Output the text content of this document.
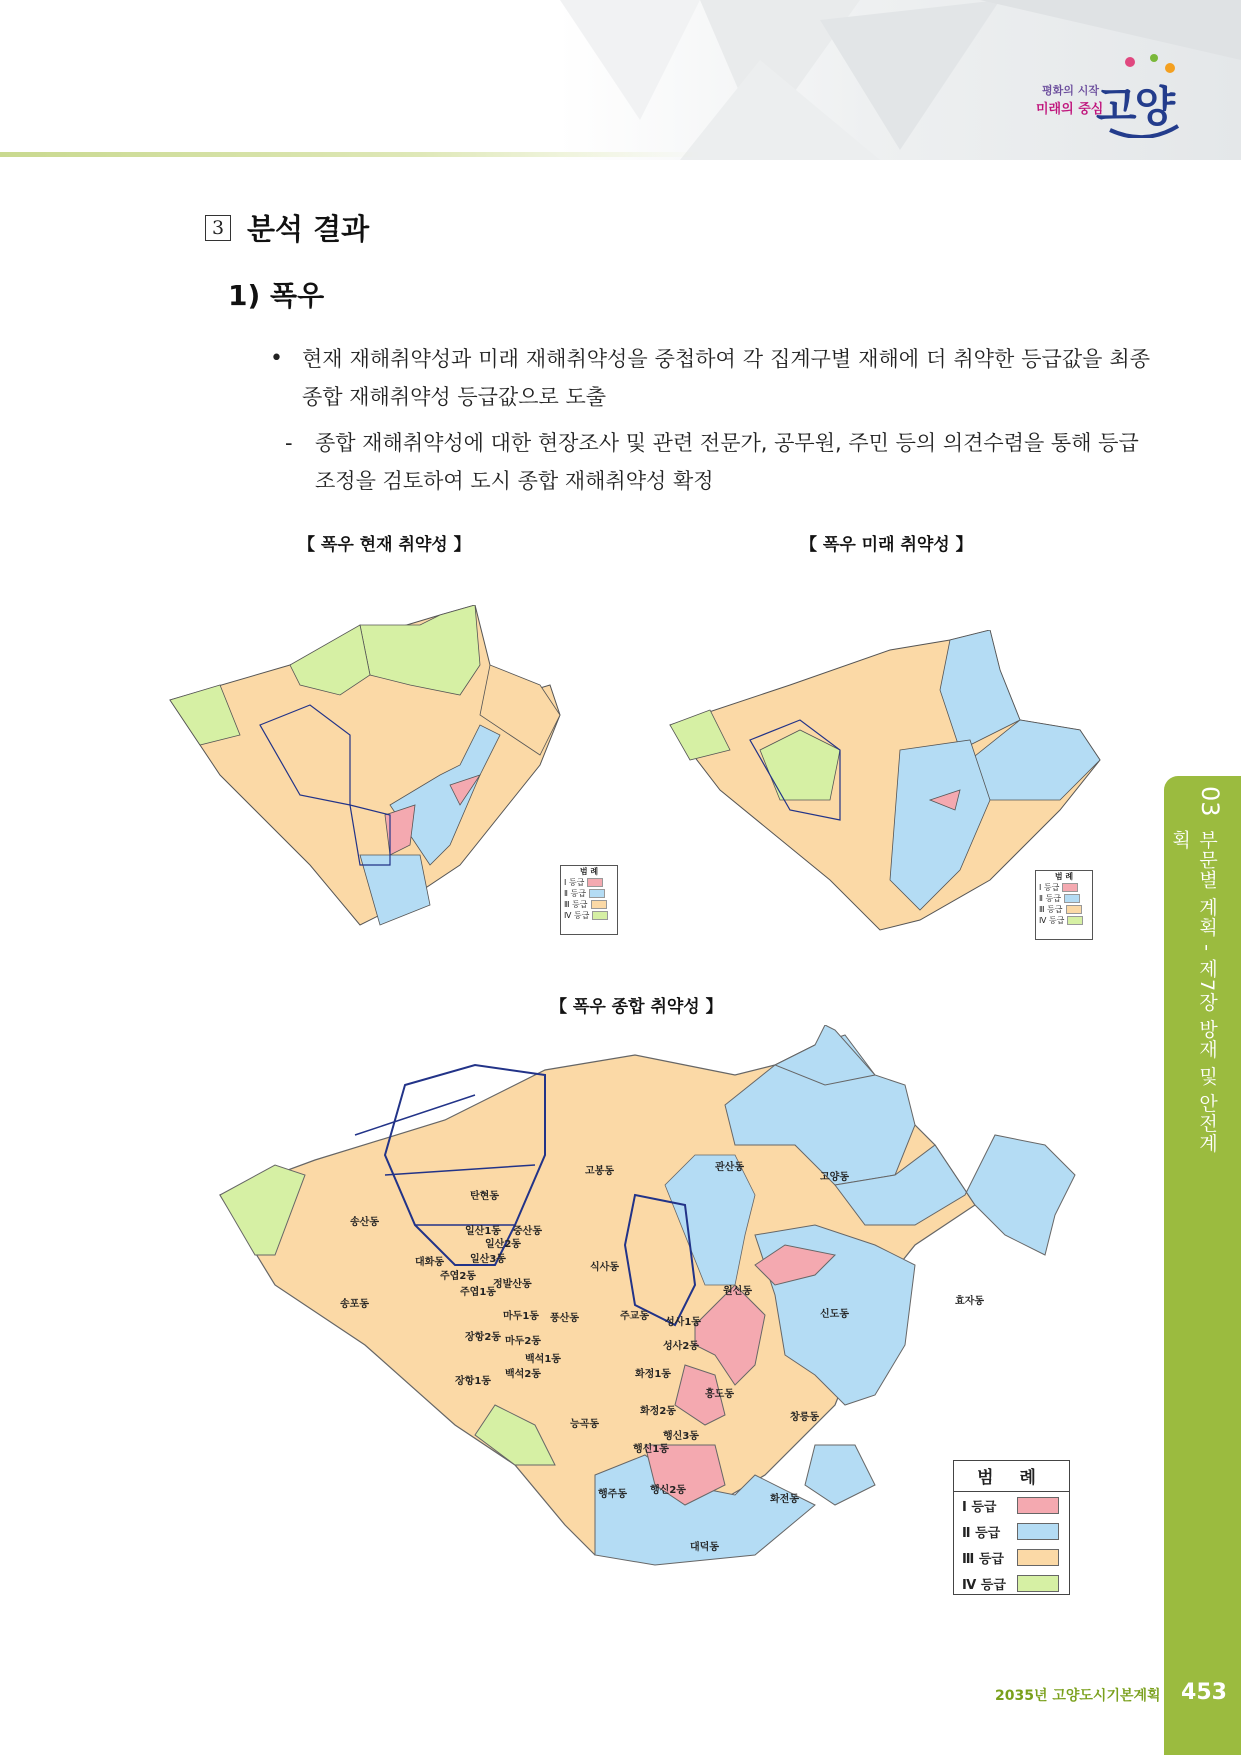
평화의 시작
미래의 중심
고양
3 분석 결과
1) 폭우
• 현재 재해취약성과 미래 재해취약성을 중첩하여 각 집계구별 재해에 더 취약한 등급값을 최종 종합 재해취약성 등급값으로 도출
- 종합 재해취약성에 대한 현장조사 및 관련 전문가, 공무원, 주민 등의 의견수렴을 통해 등급 조정을 검토하여 도시 종합 재해취약성 확정
【 폭우 현재 취약성 】	【 폭우 미래 취약성 】
【 폭우 종합 취약성 】
범 례
Ⅰ 등급
Ⅱ 등급
Ⅲ 등급
Ⅳ 등급
범 례
Ⅰ 등급
Ⅱ 등급
Ⅲ 등급
Ⅳ 등급
고봉동	관산동
고양동
송산동
탄현동
일산1동 중산동
일산2동
일산3동
대화동
주엽2동
정발산동
주엽1동
식사동
송포동
마두1동 풍산동	주교동
성사1동
원신동
신도동
효자동
장항2동 마두2동	성사2동
백석1동
백석2동
장항1동
화정1동
흥도동
화정2동
창릉동
능곡동
행신3동
행신1동
행신2동
행주동	화전동
대덕동
범 례
Ⅰ 등급
Ⅱ 등급
Ⅲ 등급
Ⅳ 등급
03
부문별 계획 - 제7장 방재 및 안전계획
2035년 고양도시기본계획 453
